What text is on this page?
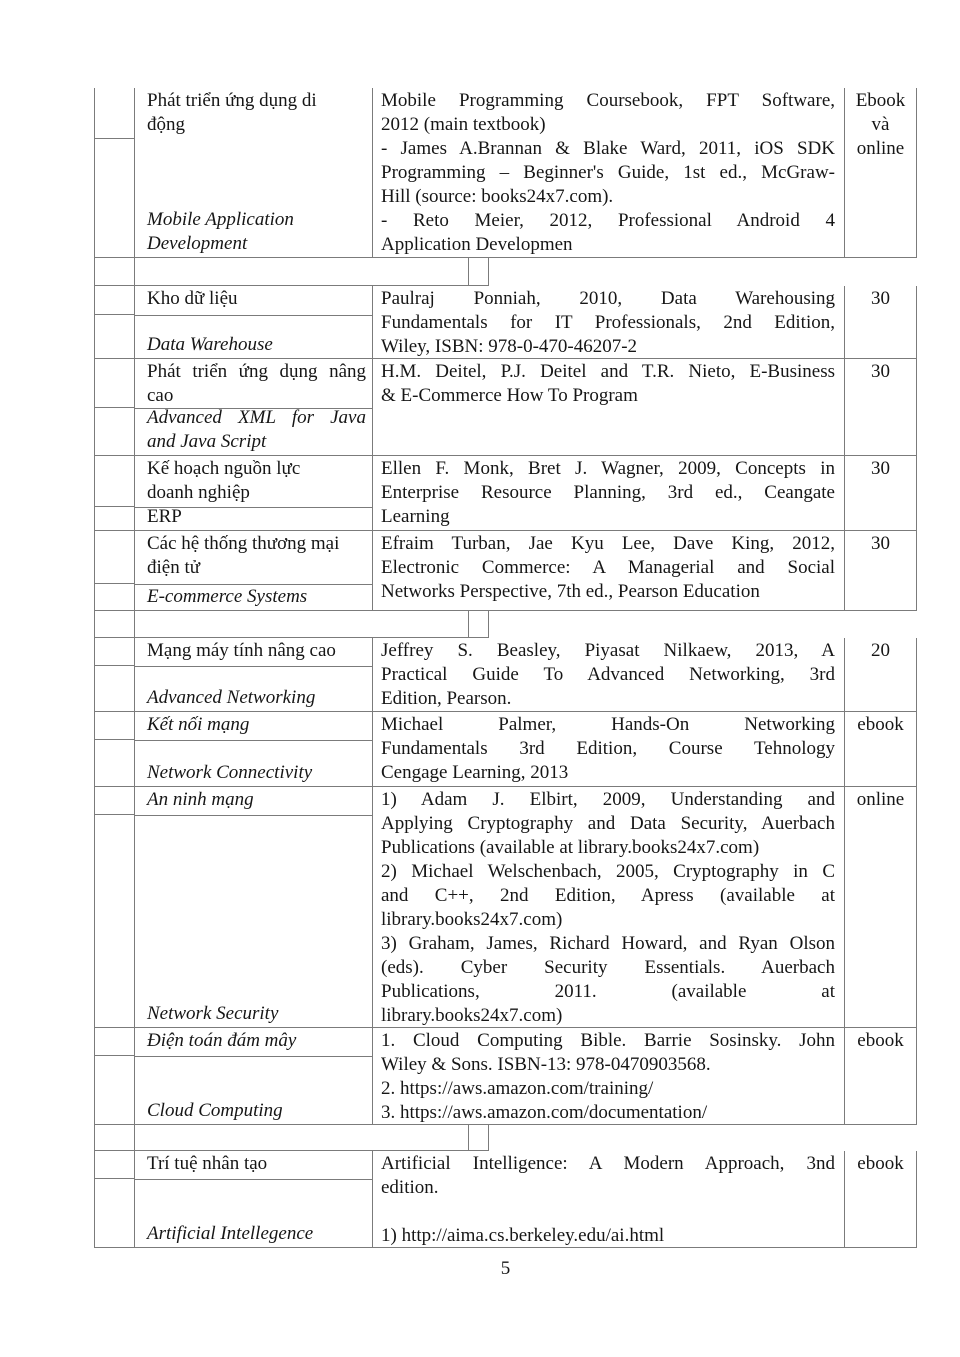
Phát triển ứng dụng di
động
Mobile Application
Development
Mobile Programming Coursebook, FPT Software,
2012 (main textbook)
- James A.Brannan & Blake Ward, 2011, iOS SDK
Programming – Beginner's Guide, 1st ed., McGraw-
Hill (source: books24x7.com).
- Reto Meier, 2012, Professional Android 4
Application Developmen
Ebook
và
online
Kho dữ liệu
Data Warehouse
Paulraj Ponniah, 2010, Data Warehousing
Fundamentals for IT Professionals, 2nd Edition,
Wiley, ISBN: 978-0-470-46207-2
30
Phát triển ứng dụng nâng
cao
Advanced XML for Java
and Java Script
H.M. Deitel, P.J. Deitel and T.R. Nieto, E-Business
& E-Commerce How To Program
30
Kế hoạch nguồn lực
doanh nghiệp
ERP
Ellen F. Monk, Bret J. Wagner, 2009, Concepts in
Enterprise Resource Planning, 3rd ed., Ceangate
Learning
30
Các hệ thống thương mại
điện tử
E-commerce Systems
Efraim Turban, Jae Kyu Lee, Dave King, 2012,
Electronic Commerce: A Managerial and Social
Networks Perspective, 7th ed., Pearson Education
30
Mạng máy tính nâng cao
Advanced Networking
Jeffrey S. Beasley, Piyasat Nilkaew, 2013, A
Practical Guide To Advanced Networking, 3rd
Edition, Pearson.
20
Kết nối mạng
Network Connectivity
Michael Palmer, Hands-On Networking
Fundamentals 3rd Edition, Course Tehnology
Cengage Learning, 2013
ebook
An ninh mạng
Network Security
1) Adam J. Elbirt, 2009, Understanding and
Applying Cryptography and Data Security, Auerbach
Publications (available at library.books24x7.com)
2) Michael Welschenbach, 2005, Cryptography in C
and C++, 2nd Edition, Apress (available at
library.books24x7.com)
3) Graham, James, Richard Howard, and Ryan Olson
(eds). Cyber Security Essentials. Auerbach
Publications, 2011. (available at
library.books24x7.com)
online
Điện toán đám mây
Cloud Computing
1. Cloud Computing Bible. Barrie Sosinsky. John
Wiley & Sons. ISBN-13: 978-0470903568.
2. https://aws.amazon.com/training/
3. https://aws.amazon.com/documentation/
ebook
Trí tuệ nhân tạo
Artificial Intellegence
Artificial Intelligence: A Modern Approach, 3nd
edition.
1) http://aima.cs.berkeley.edu/ai.html
ebook
5
